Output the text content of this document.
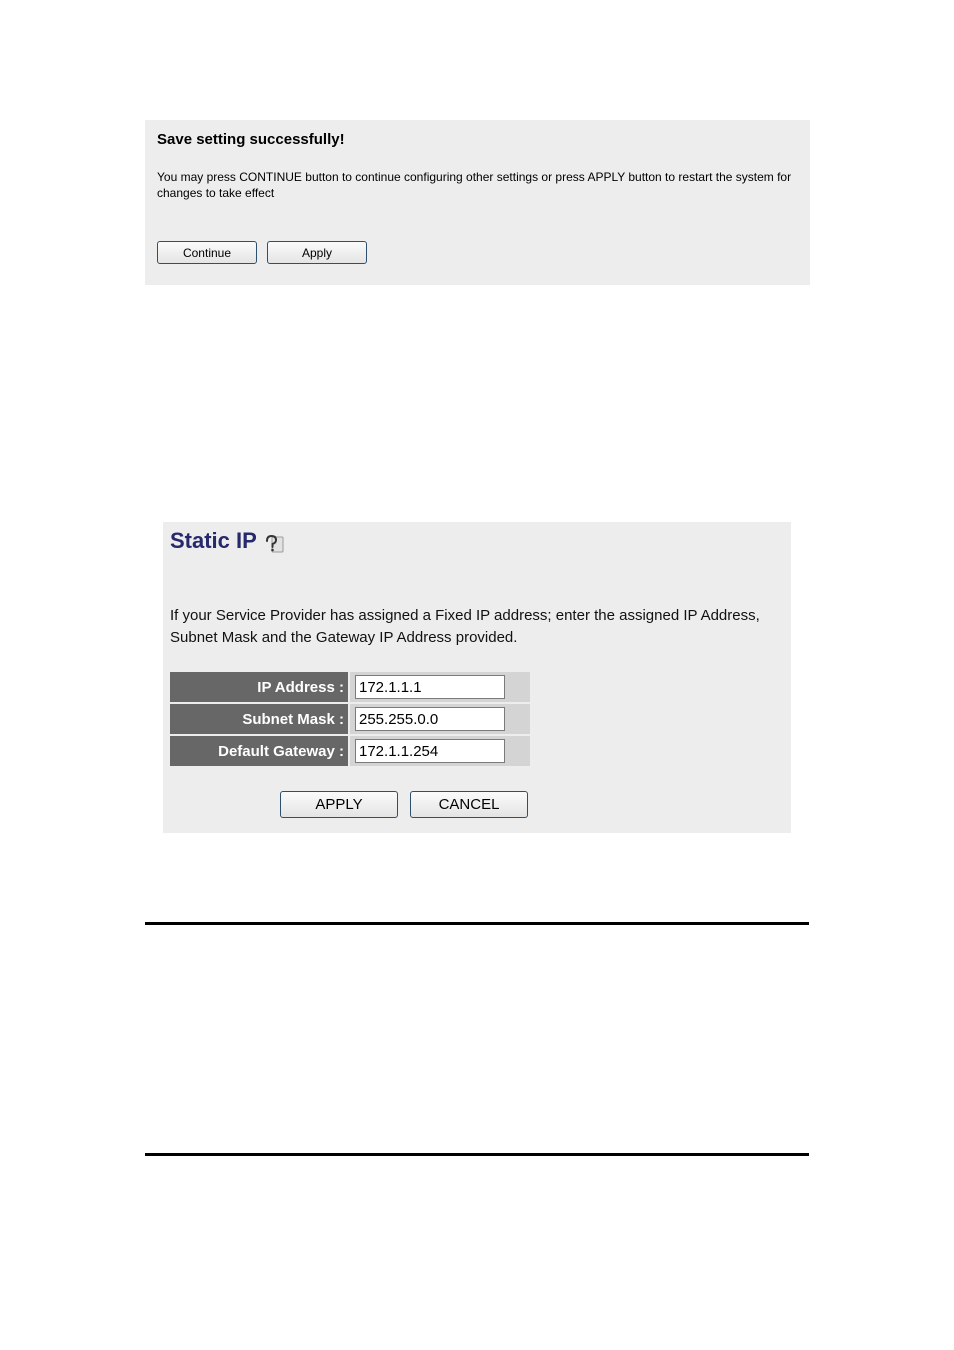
Save setting successfully!

You may press CONTINUE button to continue configuring other settings or press APPLY button to restart the system for changes to take effect
Continue	Apply
Static IP
If your Service Provider has assigned a Fixed IP address; enter the assigned IP Address, Subnet Mask and the Gateway IP Address provided.
IP Address :	172.1.1.1
Subnet Mask :	255.255.0.0
Default Gateway :	172.1.1.254
APPLY	CANCEL
